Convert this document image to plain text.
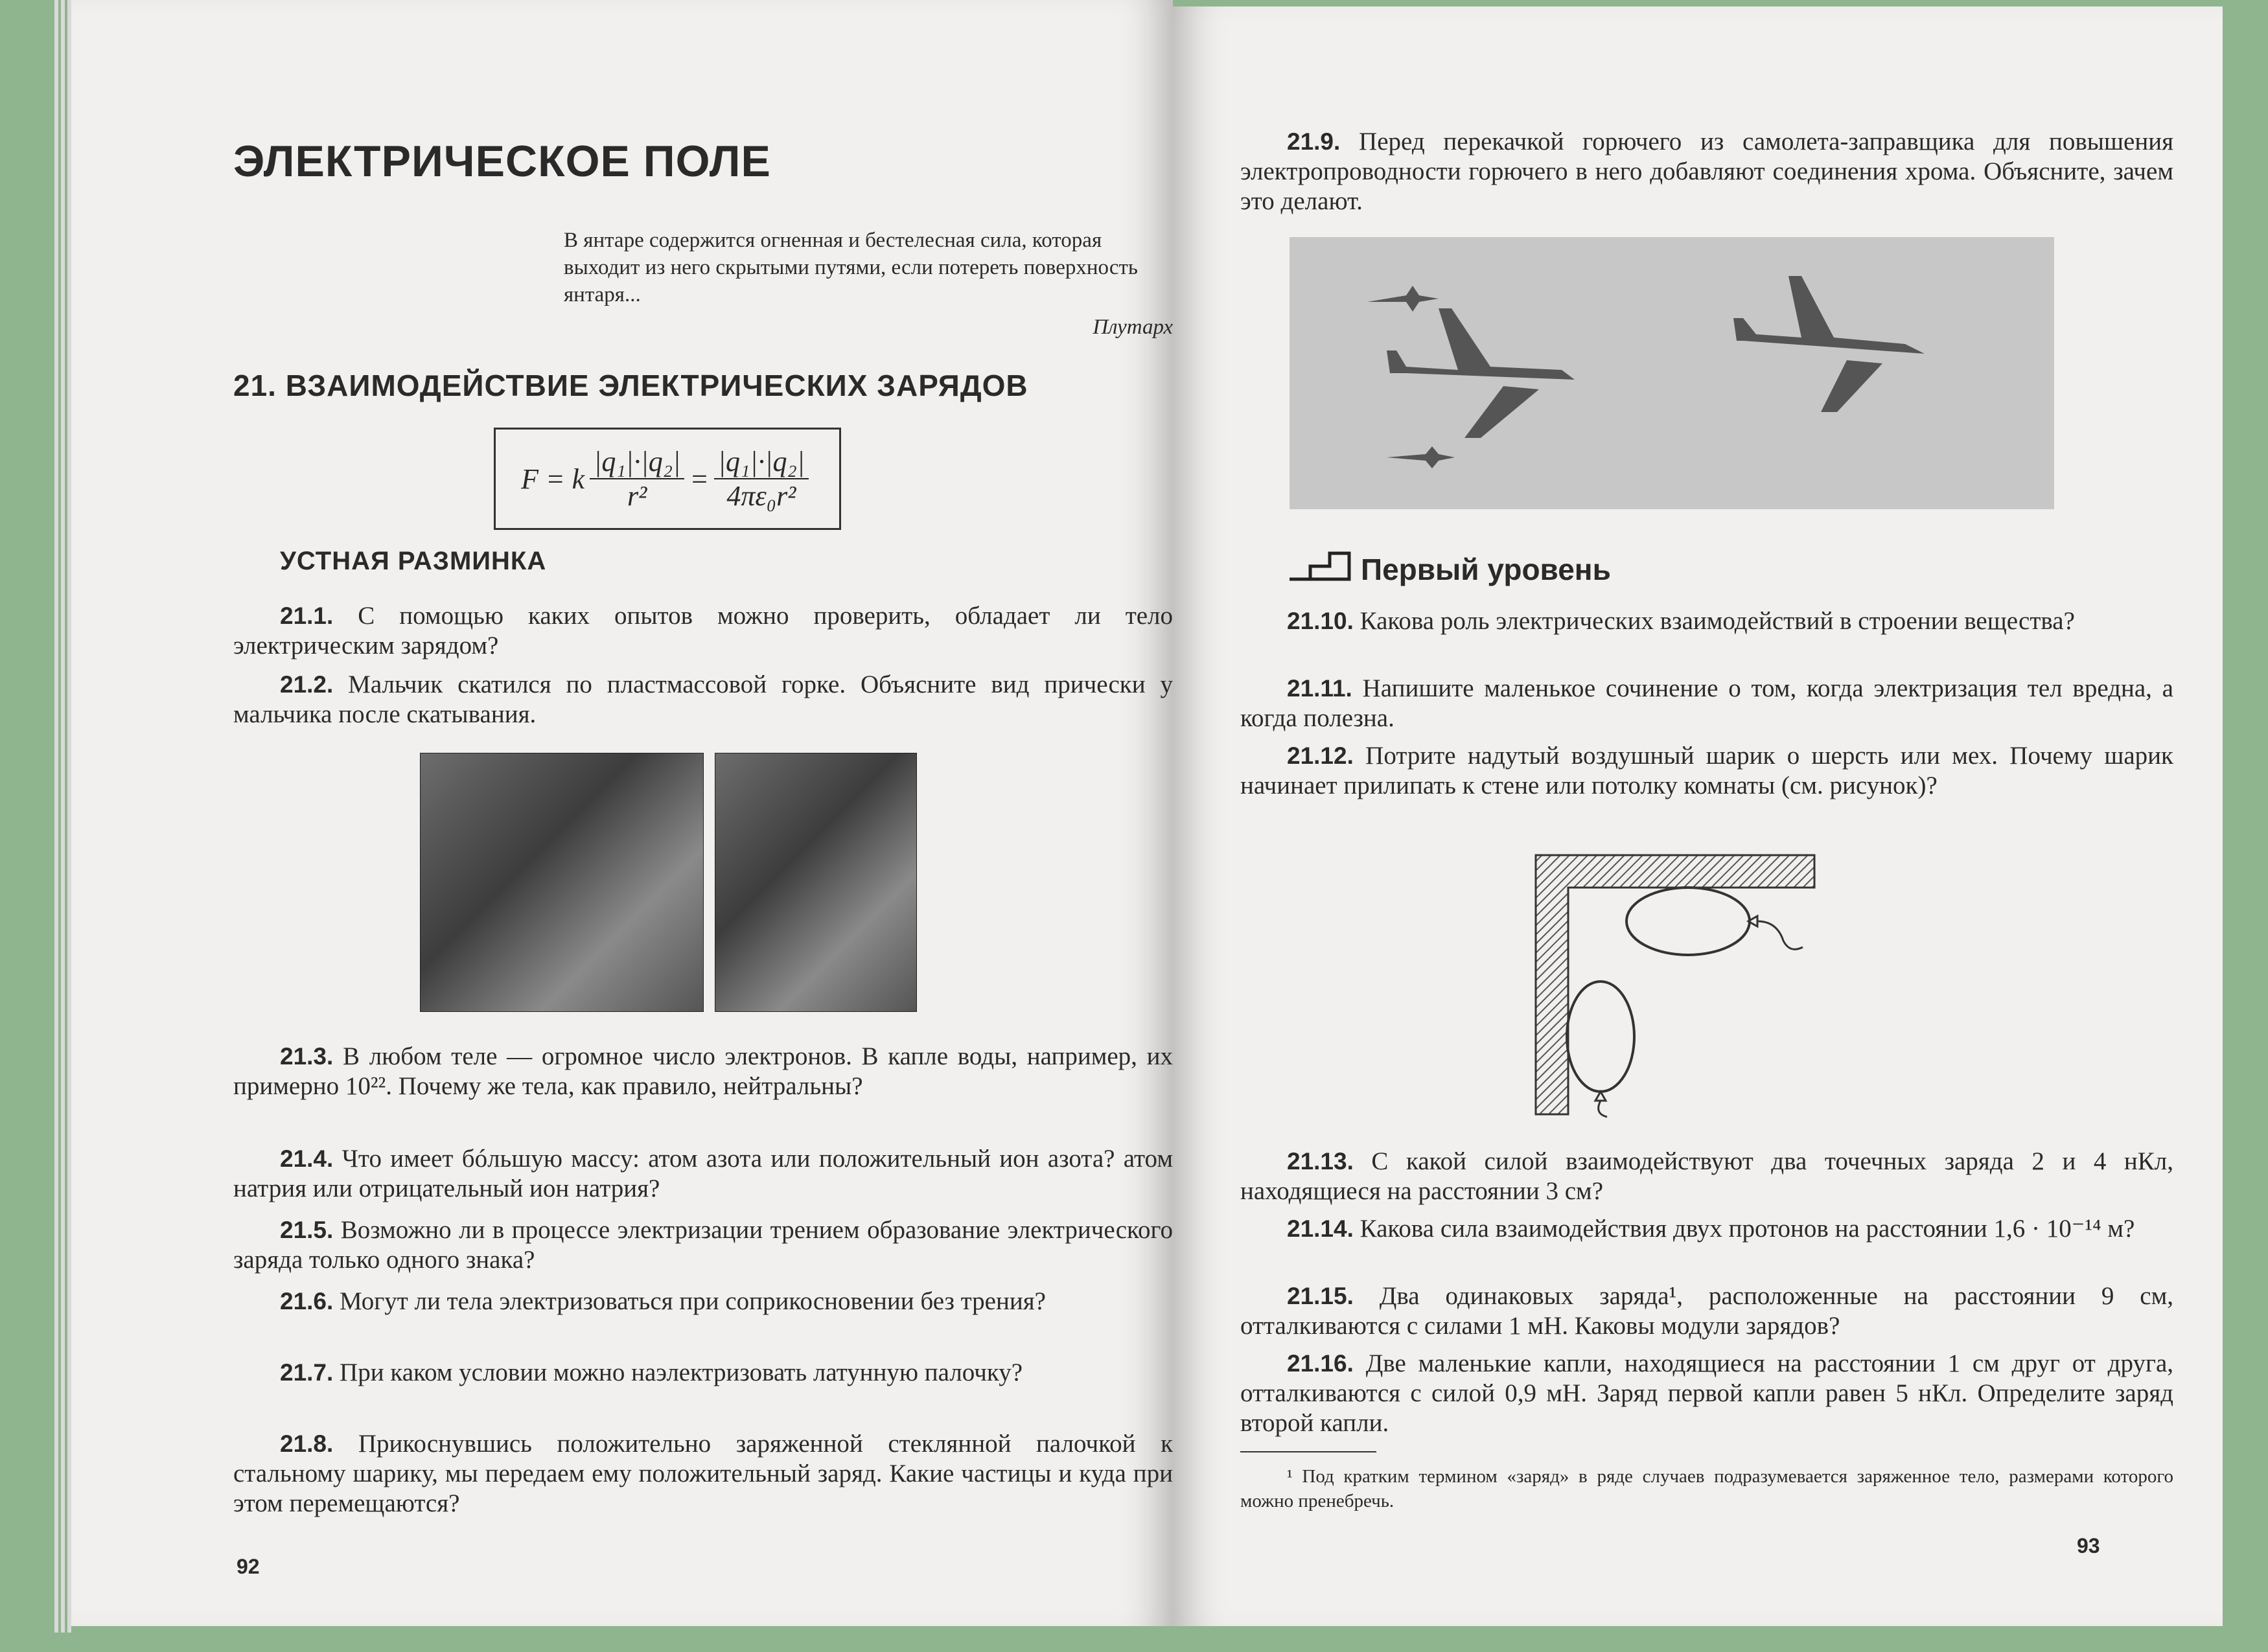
ЭЛЕКТРИЧЕСКОЕ ПОЛЕ
В янтаре содержится огненная и бестелесная сила, которая выходит из него скрытыми путями, если потереть поверхность янтаря...
Плутарх
21. ВЗАИМОДЕЙСТВИЕ ЭЛЕКТРИЧЕСКИХ ЗАРЯДОВ
F = k $\frac{\text{|q₁|·|q₂|}}{\text{r²}} = \frac{\text{|q₁|·|q₂|}}{\text{4πε₀r²}}$
УСТНАЯ РАЗМИНКА
21.1. С помощью каких опытов можно проверить, обладает ли тело электрическим зарядом?
21.2. Мальчик скатился по пластмассовой горке. Объясните вид прически у мальчика после скатывания.
21.3. В любом теле — огромное число электронов. В капле воды, например, их примерно 10²². Почему же тела, как правило, нейтральны?
21.4. Что имеет бóльшую массу: атом азота или положительный ион азота? атом натрия или отрицательный ион натрия?
21.5. Возможно ли в процессе электризации трением образование электрического заряда только одного знака?
21.6. Могут ли тела электризоваться при соприкосновении без трения?
21.7. При каком условии можно наэлектризовать латунную палочку?
21.8. Прикоснувшись положительно заряженной стеклянной палочкой к стальному шарику, мы передаем ему положительный заряд. Какие частицы и куда при этом перемещаются?
92
21.9. Перед перекачкой горючего из самолета-заправщика для повышения электропроводности горючего в него добавляют соединения хрома. Объясните, зачем это делают.
Первый уровень
21.10. Какова роль электрических взаимодействий в строении вещества?
21.11. Напишите маленькое сочинение о том, когда электризация тел вредна, а когда полезна.
21.12. Потрите надутый воздушный шарик о шерсть или мех. Почему шарик начинает прилипать к стене или потолку комнаты (см. рисунок)?
21.13. С какой силой взаимодействуют два точечных заряда 2 и 4 нКл, находящиеся на расстоянии 3 см?
21.14. Какова сила взаимодействия двух протонов на расстоянии 1,6 · 10⁻¹⁴ м?
21.15. Два одинаковых заряда¹, расположенные на расстоянии 9 см, отталкиваются с силами 1 мН. Каковы модули зарядов?
21.16. Две маленькие капли, находящиеся на расстоянии 1 см друг от друга, отталкиваются с силой 0,9 мН. Заряд первой капли равен 5 нКл. Определите заряд второй капли.
¹ Под кратким термином «заряд» в ряде случаев подразумевается заряженное тело, размерами которого можно пренебречь.
93
